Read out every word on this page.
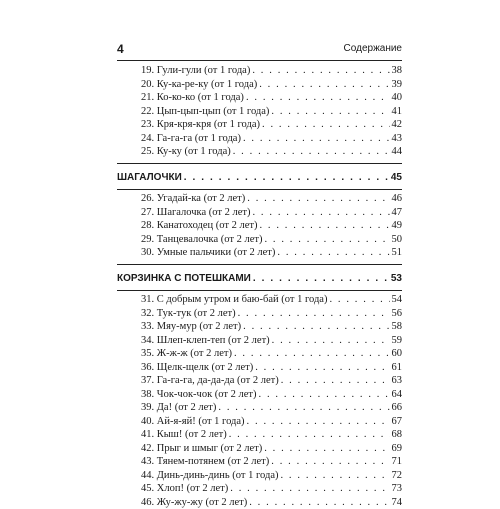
4	Содержание
19. Гули-гули (от 1 года) . . .	38
20. Ку-ка-ре-ку (от 1 года) . . .	39
21. Ко-ко-ко (от 1 года) . . .	40
22. Цып-цып-цып (от 1 года) . . .	41
23. Кря-кря-кря (от 1 года) . . .	42
24. Га-га-га (от 1 года) . . .	43
25. Ку-ку (от 1 года) . . .	44
ШАГАЛОЧКИ . . .	45
26. Угадай-ка (от 2 лет) . . .	46
27. Шагалочка (от 2 лет) . . .	47
28. Канатоходец (от 2 лет) . . .	49
29. Танцевалочка (от 2 лет) . . .	50
30. Умные пальчики (от 2 лет) . . .	51
КОРЗИНКА С ПОТЕШКАМИ . . .	53
31. С добрым утром и баю-бай (от 1 года) . . .	54
32. Тук-тук (от 2 лет) . . .	56
33. Мяу-мур (от 2 лет) . . .	58
34. Шлеп-клеп-теп (от 2 лет) . . .	59
35. Ж-ж-ж (от 2 лет) . . .	60
36. Щелк-щелк (от 2 лет) . . .	61
37. Га-га-га, да-да-да (от 2 лет) . . .	63
38. Чок-чок-чок (от 2 лет) . . .	64
39. Да! (от 2 лет) . . .	66
40. Ай-я-яй! (от 1 года) . . .	67
41. Кыш! (от 2 лет) . . .	68
42. Прыг и шмыг (от 2 лет) . . .	69
43. Тянем-потянем (от 2 лет) . . .	71
44. Динь-динь-динь (от 1 года) . . .	72
45. Хлоп! (от 2 лет) . . .	73
46. Жу-жу-жу (от 2 лет) . . .	74
